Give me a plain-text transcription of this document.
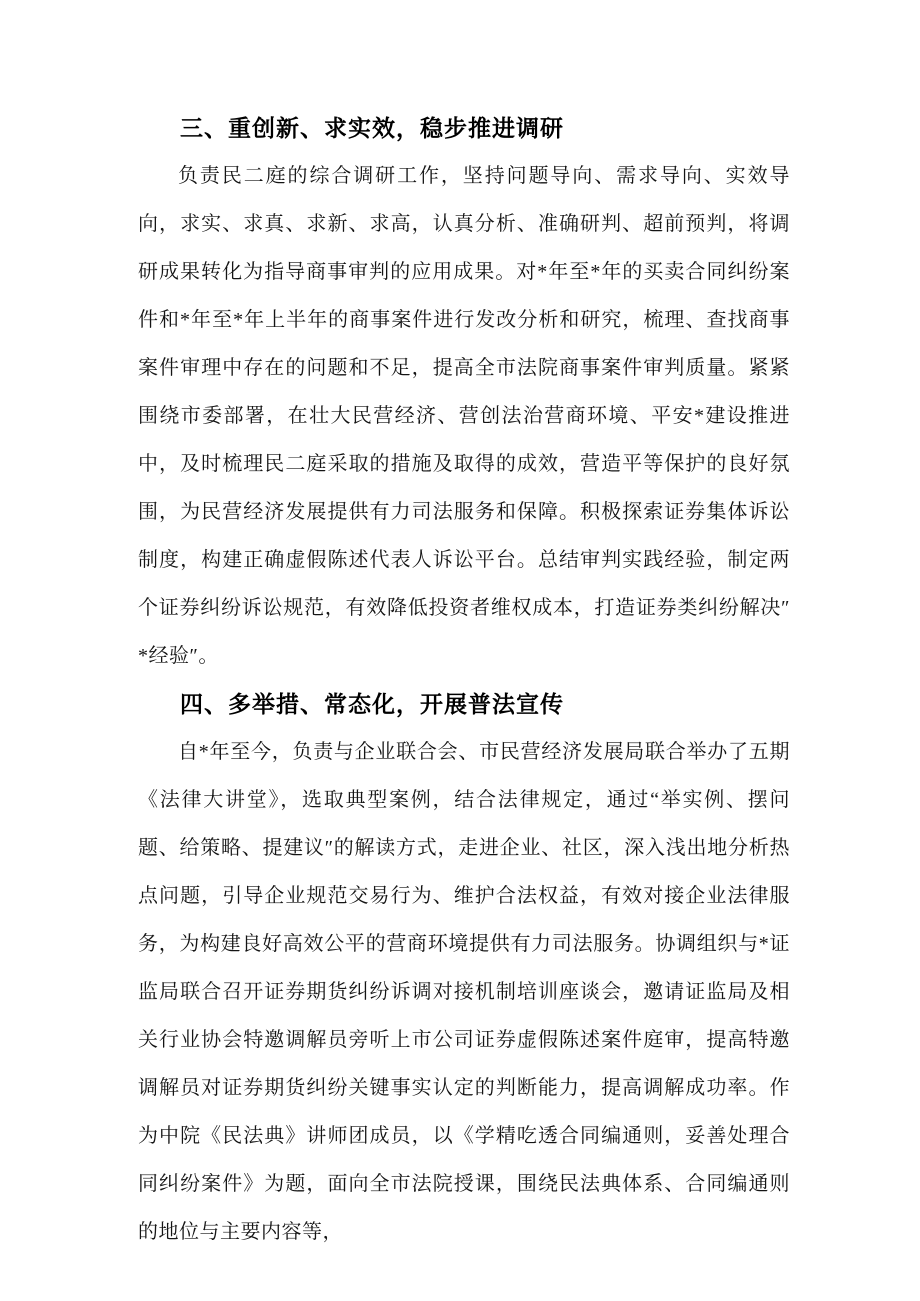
三、重创新、求实效，稳步推进调研

负责民二庭的综合调研工作，坚持问题导向、需求导向、实效导向，求实、求真、求新、求高，认真分析、准确研判、超前预判，将调研成果转化为指导商事审判的应用成果。对*年至*年的买卖合同纠纷案件和*年至*年上半年的商事案件进行发改分析和研究，梳理、查找商事案件审理中存在的问题和不足，提高全市法院商事案件审判质量。紧紧围绕市委部署，在壮大民营经济、营创法治营商环境、平安*建设推进中，及时梳理民二庭采取的措施及取得的成效，营造平等保护的良好氛围，为民营经济发展提供有力司法服务和保障。积极探索证券集体诉讼制度，构建正确虚假陈述代表人诉讼平台。总结审判实践经验，制定两个证券纠纷诉讼规范，有效降低投资者维权成本，打造证券类纠纷解决″*经验″。

四、多举措、常态化，开展普法宣传

自*年至今，负责与企业联合会、市民营经济发展局联合举办了五期《法律大讲堂》，选取典型案例，结合法律规定，通过“举实例、摆问题、给策略、提建议″的解读方式，走进企业、社区，深入浅出地分析热点问题，引导企业规范交易行为、维护合法权益，有效对接企业法律服务，为构建良好高效公平的营商环境提供有力司法服务。协调组织与*证监局联合召开证券期货纠纷诉调对接机制培训座谈会，邀请证监局及相关行业协会特邀调解员旁听上市公司证券虚假陈述案件庭审，提高特邀调解员对证券期货纠纷关键事实认定的判断能力，提高调解成功率。作为中院《民法典》讲师团成员，以《学精吃透合同编通则，妥善处理合同纠纷案件》为题，面向全市法院授课，围绕民法典体系、合同编通则的地位与主要内容等，
